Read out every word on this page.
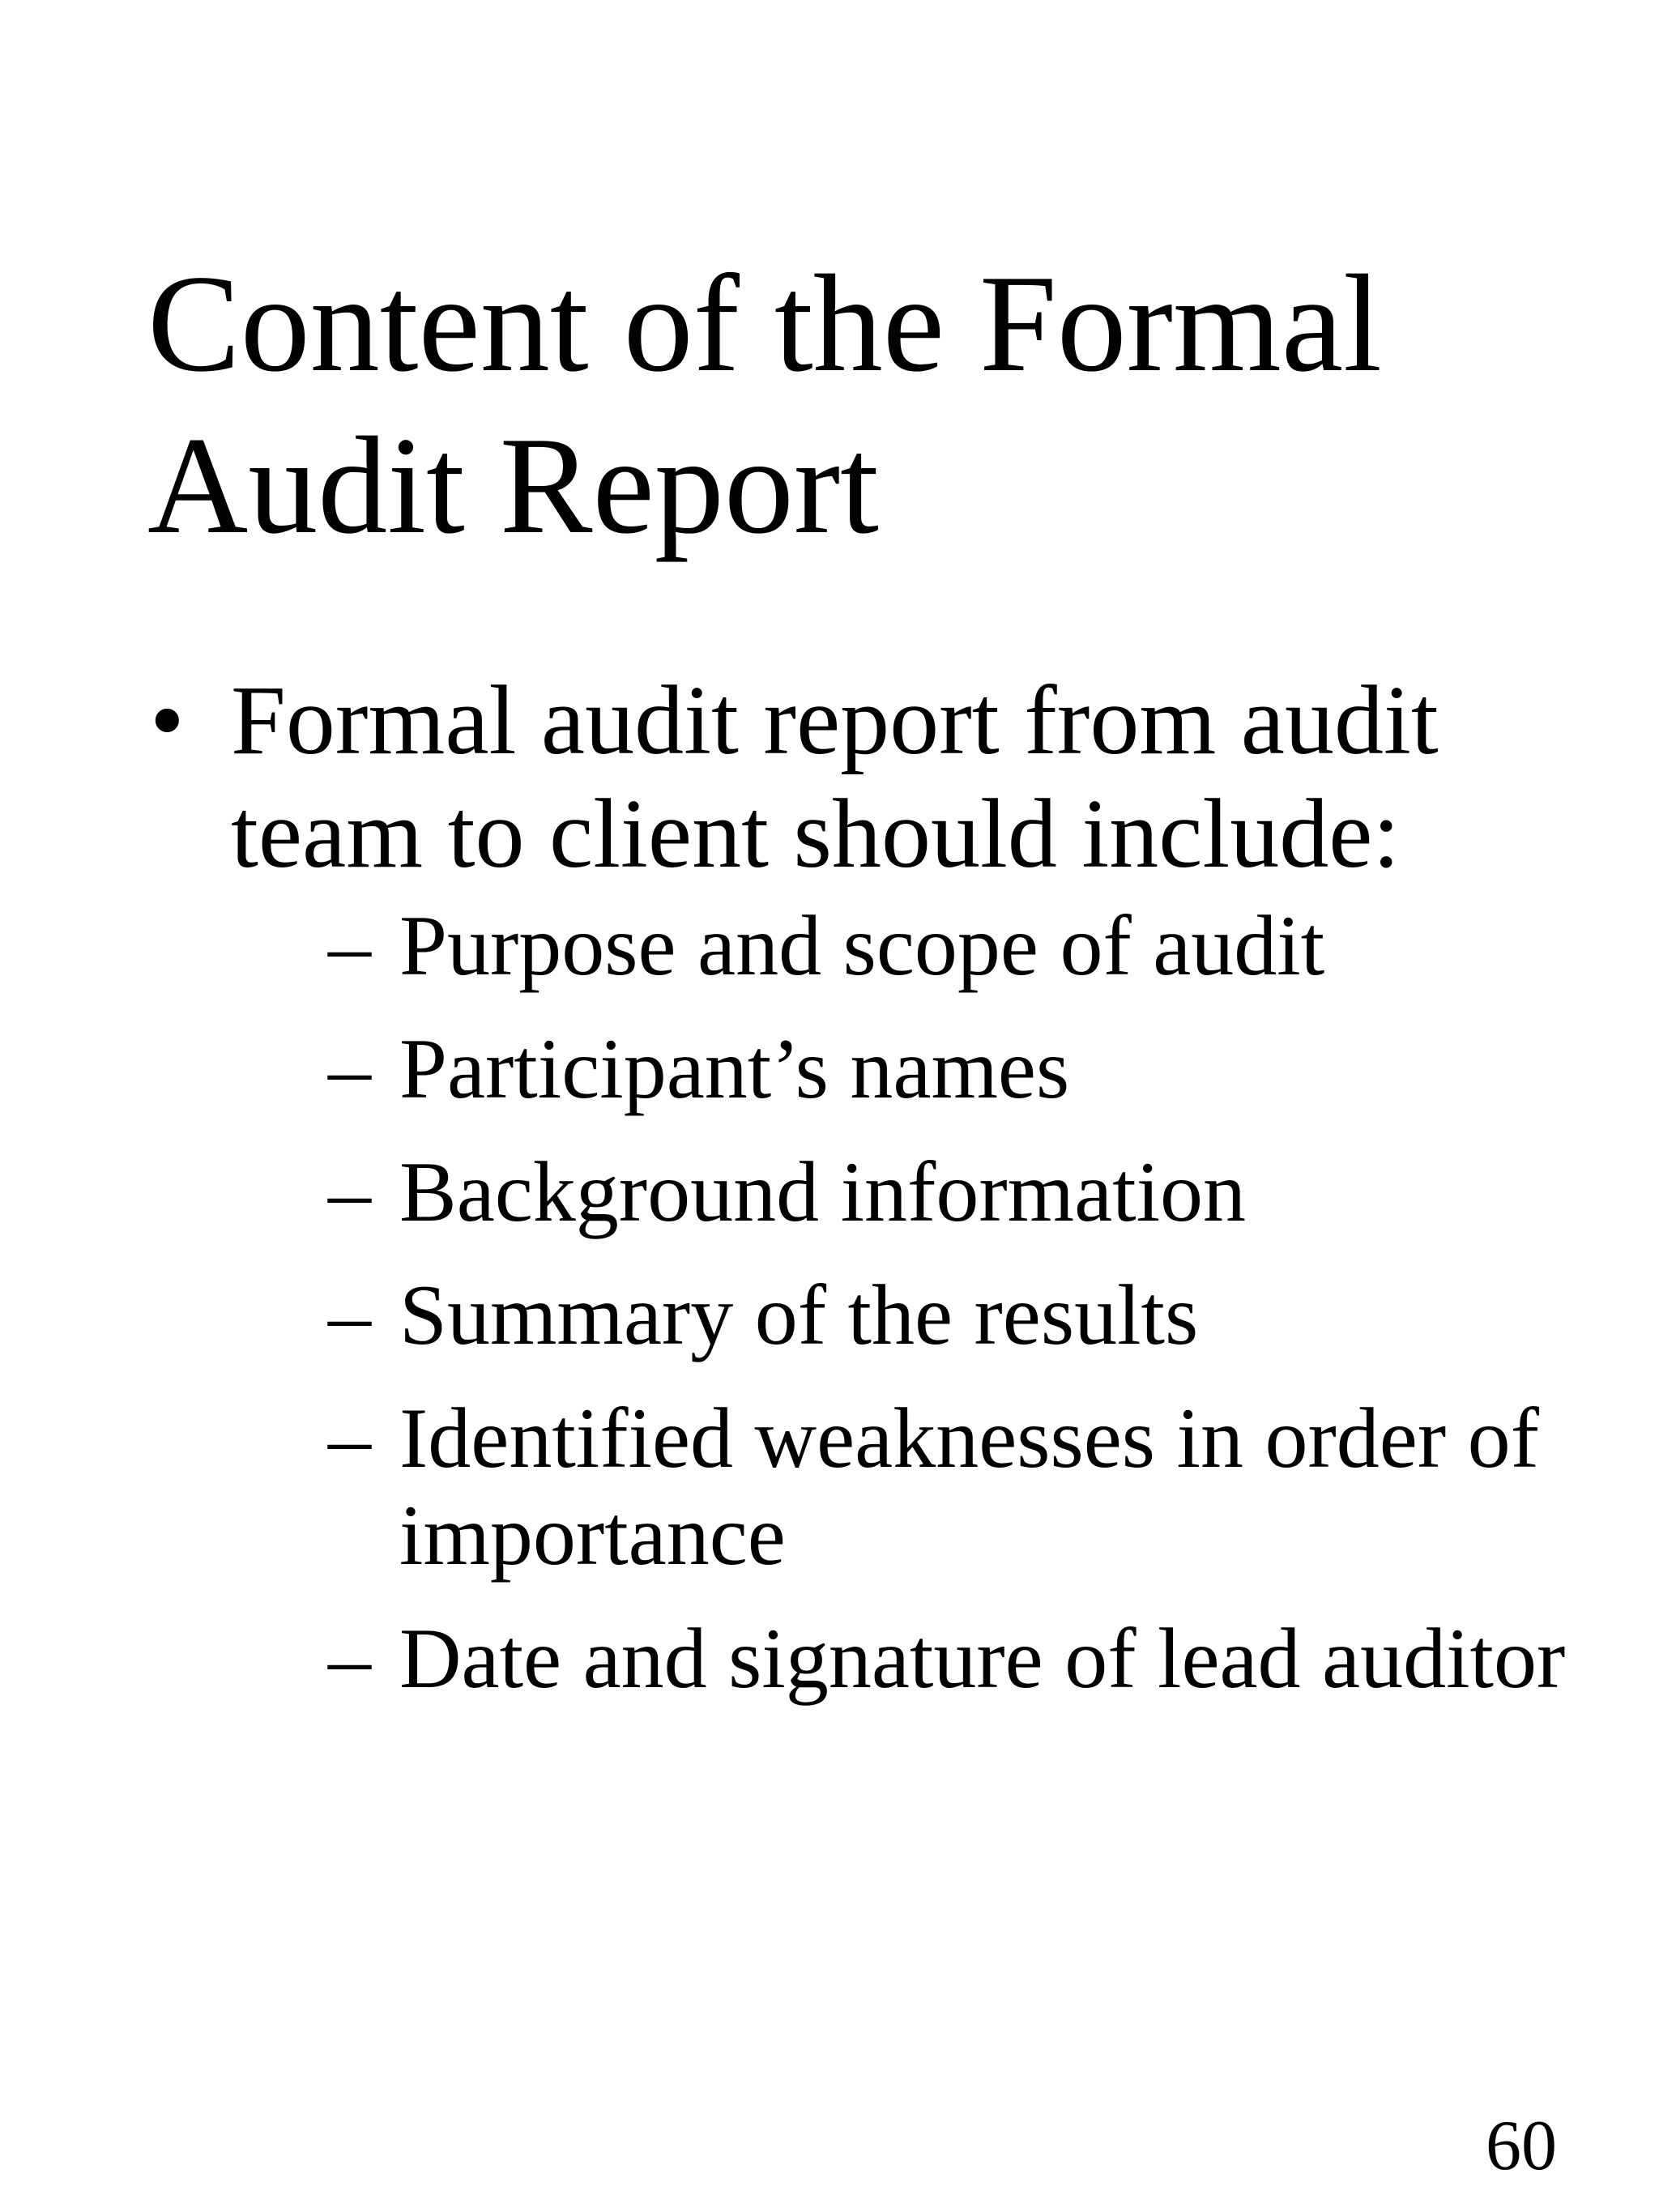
Content of the Formal Audit Report
• Formal audit report from audit team to client should include:
– Purpose and scope of audit
– Participant’s names
– Background information
– Summary of the results
– Identified weaknesses in order of importance
– Date and signature of lead auditor
60
